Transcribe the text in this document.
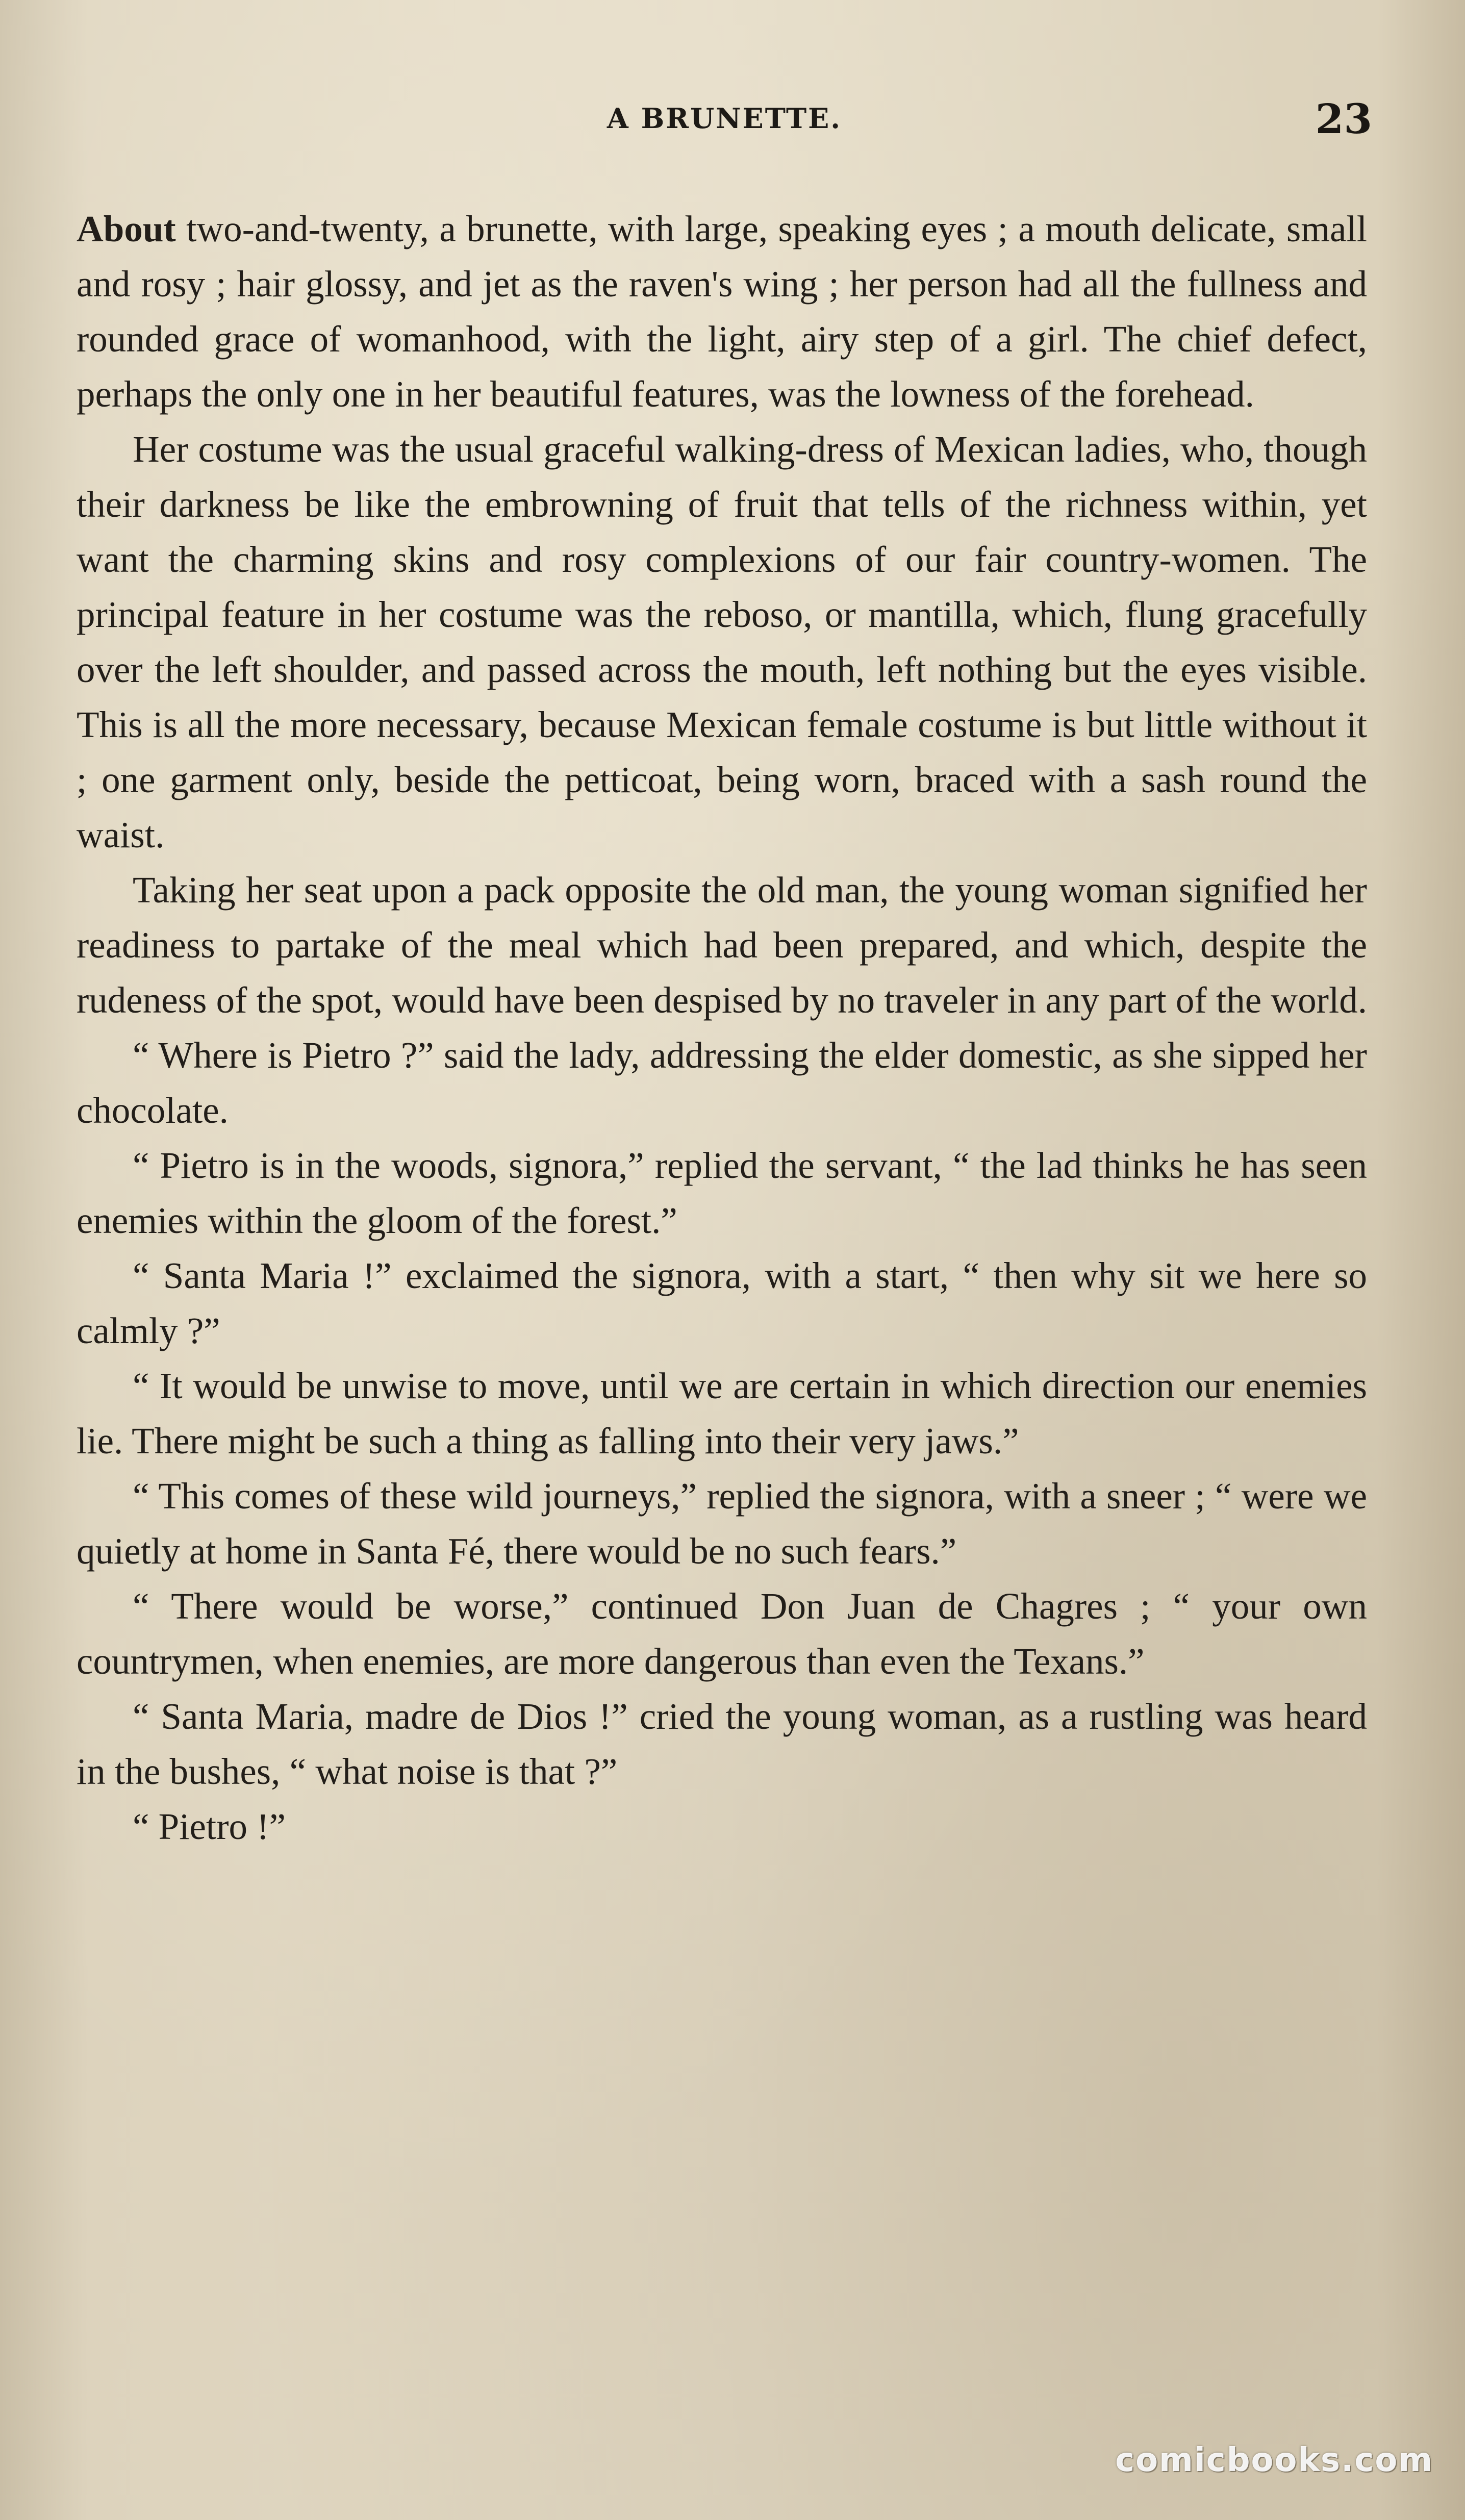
A BRUNETTE.	23

About two-and-twenty, a brunette, with large, speaking eyes ; a mouth delicate, small and rosy ; hair glossy, and jet as the raven's wing ; her person had all the fullness and rounded grace of womanhood, with the light, airy step of a girl. The chief defect, perhaps the only one in her beautiful features, was the lowness of the forehead.

Her costume was the usual graceful walking-dress of Mexican ladies, who, though their darkness be like the embrowning of fruit that tells of the richness within, yet want the charming skins and rosy complexions of our fair country-women. The principal feature in her costume was the reboso, or mantilla, which, flung gracefully over the left shoulder, and passed across the mouth, left nothing but the eyes visible. This is all the more necessary, because Mexican female costume is but little without it ; one garment only, beside the petticoat, being worn, braced with a sash round the waist.

Taking her seat upon a pack opposite the old man, the young woman signified her readiness to partake of the meal which had been prepared, and which, despite the rudeness of the spot, would have been despised by no traveler in any part of the world.

“ Where is Pietro ?” said the lady, addressing the elder domestic, as she sipped her chocolate.

“ Pietro is in the woods, signora,” replied the servant, “ the lad thinks he has seen enemies within the gloom of the forest.”

“ Santa Maria !” exclaimed the signora, with a start, “ then why sit we here so calmly ?”

“ It would be unwise to move, until we are certain in which direction our enemies lie. There might be such a thing as falling into their very jaws.”

“ This comes of these wild journeys,” replied the signora, with a sneer ; “ were we quietly at home in Santa Fé, there would be no such fears.”

“ There would be worse,” continued Don Juan de Chagres ; “ your own countrymen, when enemies, are more dangerous than even the Texans.”

“ Santa Maria, madre de Dios !” cried the young woman, as a rustling was heard in the bushes, “ what noise is that ?”

“ Pietro !”

comicbooks.com
